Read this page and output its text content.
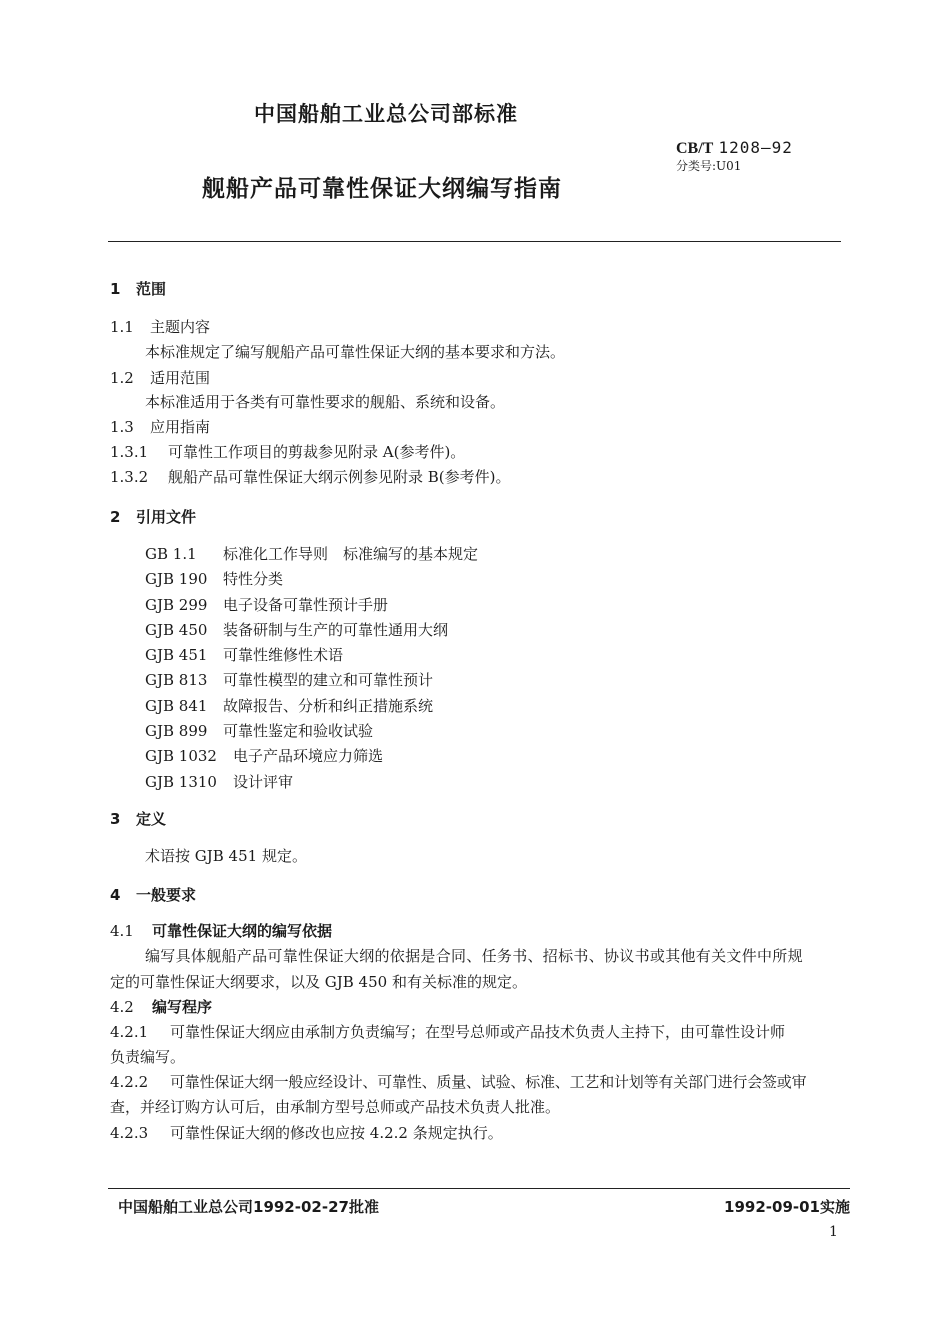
中国船舶工业总公司部标准
CB/T 1208—92
分类号:U01
舰船产品可靠性保证大纲编写指南
1 范围
1.1 主题内容
本标准规定了编写舰船产品可靠性保证大纲的基本要求和方法。
1.2 适用范围
本标准适用于各类有可靠性要求的舰船、系统和设备。
1.3 应用指南
1.3.1 可靠性工作项目的剪裁参见附录 A(参考件)。
1.3.2 舰船产品可靠性保证大纲示例参见附录 B(参考件)。
2 引用文件
GB 1.1 标准化工作导则　标准编写的基本规定
GJB 190 特性分类
GJB 299 电子设备可靠性预计手册
GJB 450 装备研制与生产的可靠性通用大纲
GJB 451 可靠性维修性术语
GJB 813 可靠性模型的建立和可靠性预计
GJB 841 故障报告、分析和纠正措施系统
GJB 899 可靠性鉴定和验收试验
GJB 1032 电子产品环境应力筛选
GJB 1310 设计评审
3 定义
术语按 GJB 451 规定。
4 一般要求
4.1 可靠性保证大纲的编写依据
编写具体舰船产品可靠性保证大纲的依据是合同、任务书、招标书、协议书或其他有关文件中所规
定的可靠性保证大纲要求，以及 GJB 450 和有关标准的规定。
4.2 编写程序
4.2.1 可靠性保证大纲应由承制方负责编写；在型号总师或产品技术负责人主持下，由可靠性设计师
负责编写。
4.2.2 可靠性保证大纲一般应经设计、可靠性、质量、试验、标准、工艺和计划等有关部门进行会签或审
查，并经订购方认可后，由承制方型号总师或产品技术负责人批准。
4.2.3 可靠性保证大纲的修改也应按 4.2.2 条规定执行。
中国船舶工业总公司1992-02-27批准	1992-09-01实施
1
